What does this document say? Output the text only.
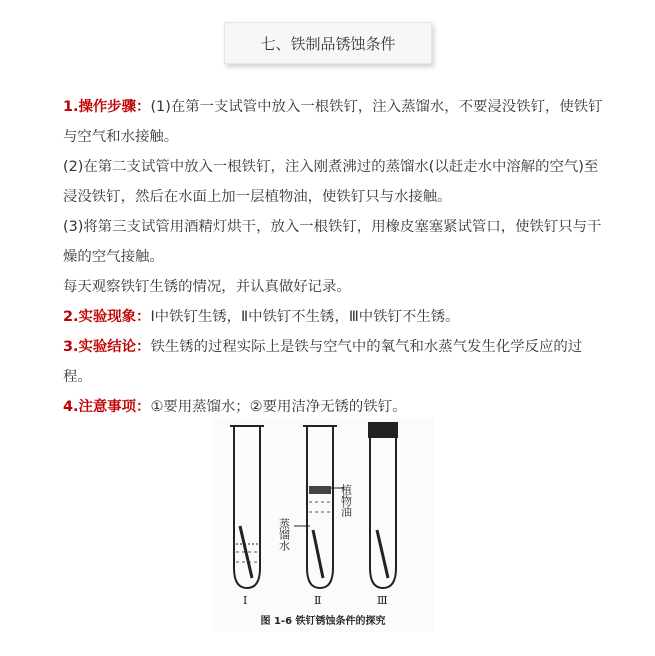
七、铁制品锈蚀条件

1.操作步骤：(1)在第一支试管中放入一根铁钉，注入蒸馏水，不要浸没铁钉，使铁钉与空气和水接触。

(2)在第二支试管中放入一根铁钉，注入刚煮沸过的蒸馏水(以赶走水中溶解的空气)至浸没铁钉，然后在水面上加一层植物油，使铁钉只与水接触。

(3)将第三支试管用酒精灯烘干，放入一根铁钉，用橡皮塞塞紧试管口，使铁钉只与干燥的空气接触。

每天观察铁钉生锈的情况，并认真做好记录。

2.实验现象：Ⅰ中铁钉生锈，Ⅱ中铁钉不生锈，Ⅲ中铁钉不生锈。

3.实验结论：铁生锈的过程实际上是铁与空气中的氧气和水蒸气发生化学反应的过程。

4.注意事项：①要用蒸馏水；②要用洁净无锈的铁钉。

蒸馏水
植物油
Ⅰ	Ⅱ	Ⅲ
图 1-6 铁钉锈蚀条件的探究
